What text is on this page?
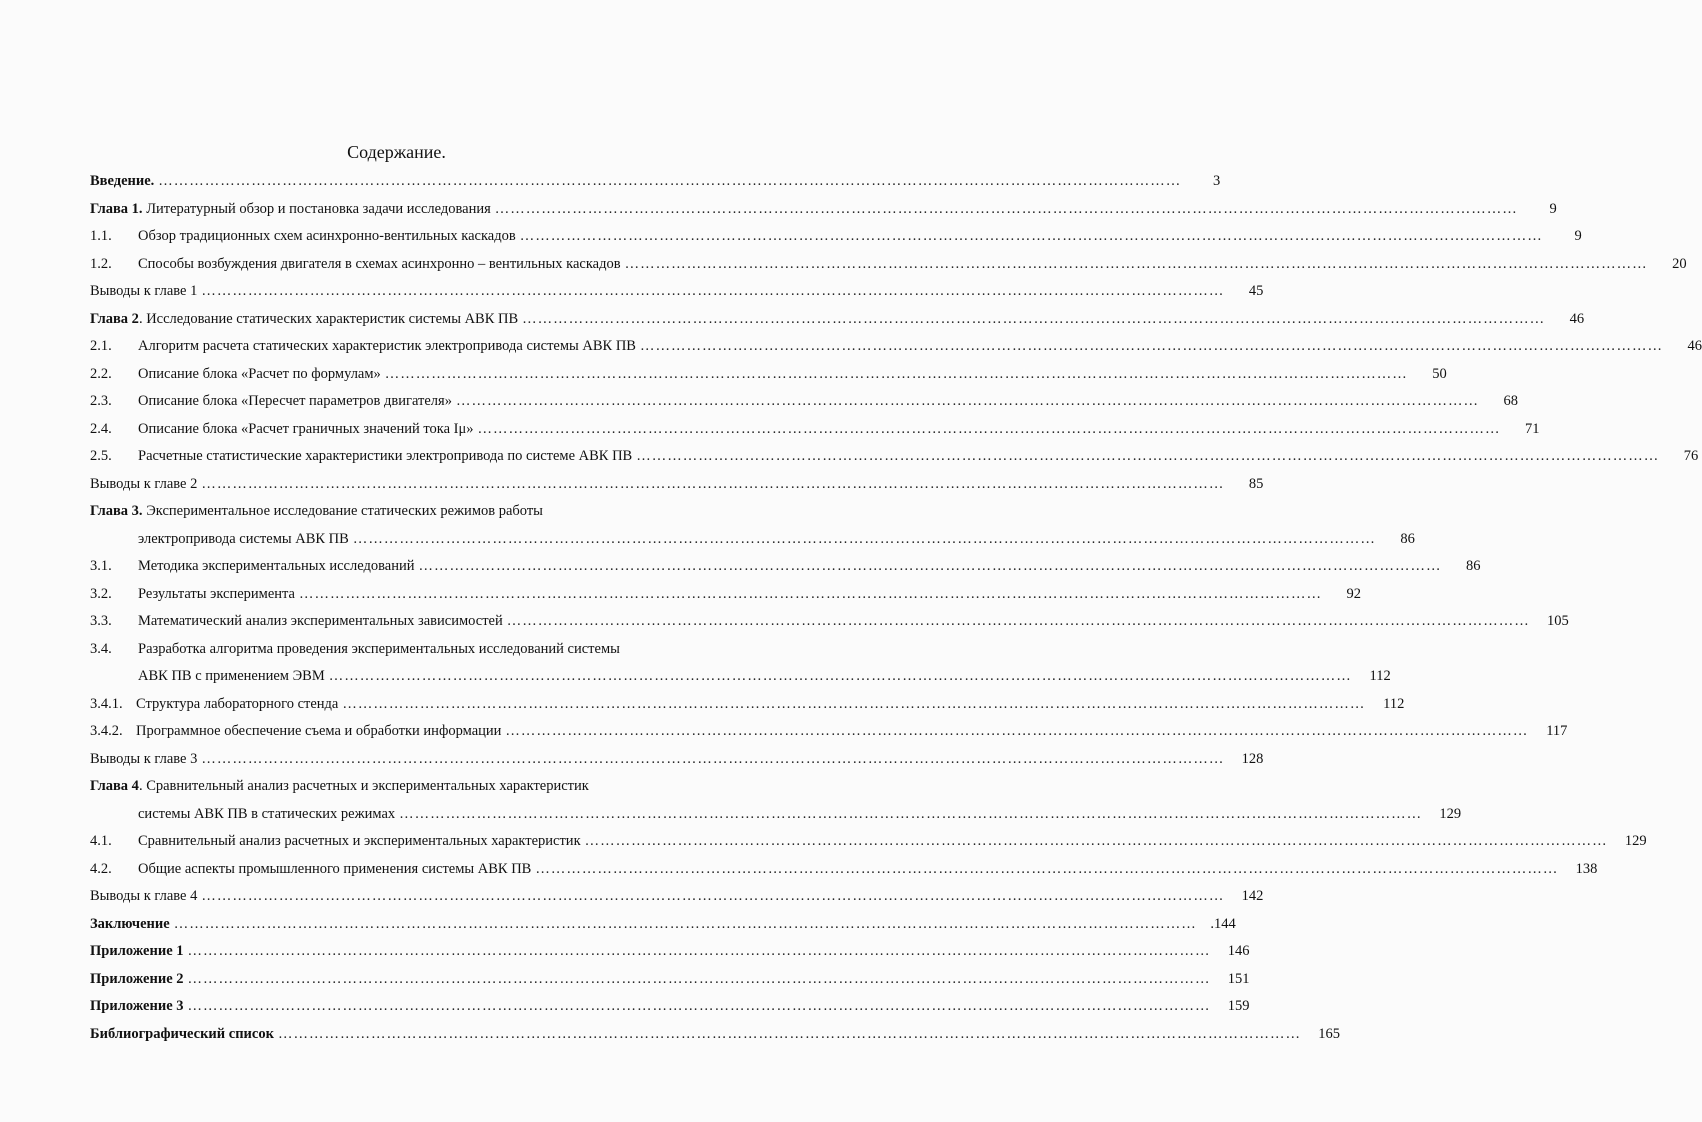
Содержание.
Введение. ………………………………………………………………………………………………………………………………………………………………………………	3
Глава 1. Литературный обзор и постановка задачи исследования ………………………………………………………………………………………………………………………………………………………………………………	9
1.1.	Обзор традиционных схем асинхронно-вентильных каскадов ………………………………………………………………………………………………………………………………………………………………………………	9
1.2.	Способы возбуждения двигателя в схемах асинхронно – вентильных каскадов ………………………………………………………………………………………………………………………………………………………………………………	20
Выводы к главе 1 ………………………………………………………………………………………………………………………………………………………………………………	45
Глава 2. Исследование статических характеристик системы АВК ПВ ………………………………………………………………………………………………………………………………………………………………………………	46
2.1.	Алгоритм расчета статических характеристик электропривода системы АВК ПВ ………………………………………………………………………………………………………………………………………………………………………………	46
2.2.	Описание блока «Расчет по формулам» ………………………………………………………………………………………………………………………………………………………………………………	50
2.3.	Описание блока «Пересчет параметров двигателя» ………………………………………………………………………………………………………………………………………………………………………………	68
2.4.	Описание блока «Расчет граничных значений тока Iμ» ………………………………………………………………………………………………………………………………………………………………………………	71
2.5.	Расчетные статистические характеристики электропривода по системе АВК ПВ ………………………………………………………………………………………………………………………………………………………………………………	76
Выводы к главе 2 ………………………………………………………………………………………………………………………………………………………………………………	85
Глава 3. Экспериментальное исследование статических режимов работы
электропривода системы АВК ПВ ………………………………………………………………………………………………………………………………………………………………………………	86
3.1.	Методика экспериментальных исследований ………………………………………………………………………………………………………………………………………………………………………………	86
3.2.	Результаты эксперимента ………………………………………………………………………………………………………………………………………………………………………………	92
3.3.	Математический анализ экспериментальных зависимостей ………………………………………………………………………………………………………………………………………………………………………………	105
3.4.	Разработка алгоритма проведения экспериментальных исследований системы
АВК ПВ с применением ЭВМ ………………………………………………………………………………………………………………………………………………………………………………	112
3.4.1. Структура лабораторного стенда ………………………………………………………………………………………………………………………………………………………………………………	112
3.4.2. Программное обеспечение съема и обработки информации ………………………………………………………………………………………………………………………………………………………………………………	117
Выводы к главе 3 ………………………………………………………………………………………………………………………………………………………………………………	128
Глава 4. Сравнительный анализ расчетных и экспериментальных характеристик
системы АВК ПВ в статических режимах ………………………………………………………………………………………………………………………………………………………………………………	129
4.1.	Сравнительный анализ расчетных и экспериментальных характеристик ………………………………………………………………………………………………………………………………………………………………………………	129
4.2.	Общие аспекты промышленного применения системы АВК ПВ ………………………………………………………………………………………………………………………………………………………………………………	138
Выводы к главе 4 ………………………………………………………………………………………………………………………………………………………………………………	142
Заключение ………………………………………………………………………………………………………………………………………………………………………………	.144
Приложение 1 ………………………………………………………………………………………………………………………………………………………………………………	146
Приложение 2 ………………………………………………………………………………………………………………………………………………………………………………	151
Приложение 3 ………………………………………………………………………………………………………………………………………………………………………………	159
Библиографический список ………………………………………………………………………………………………………………………………………………………………………………	165
